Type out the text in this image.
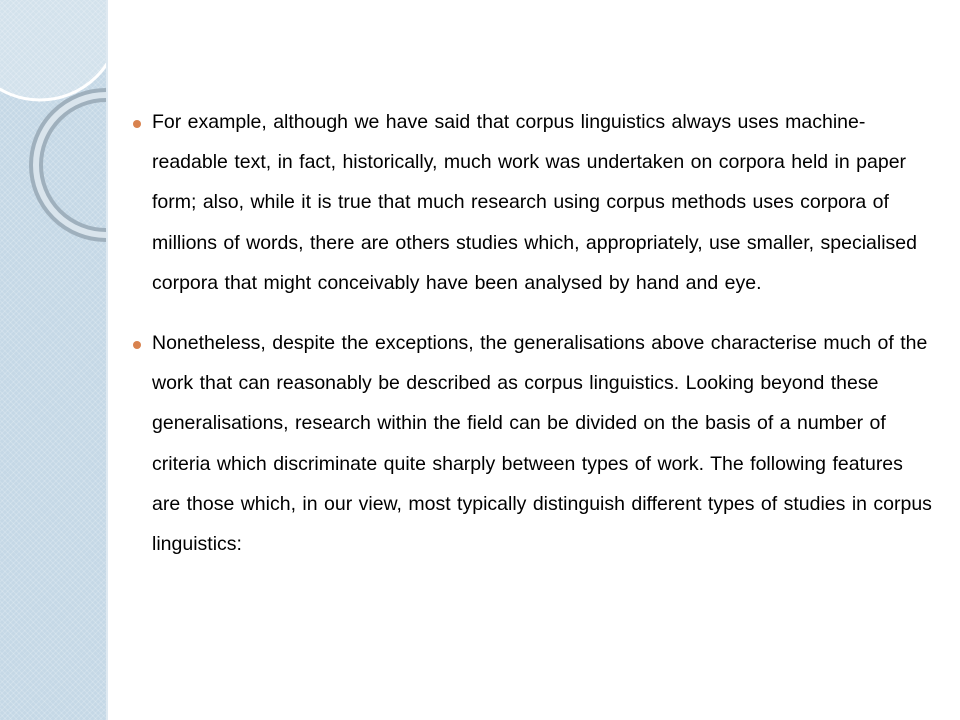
For example, although we have said that corpus linguistics always uses machine-readable text, in fact, historically, much work was undertaken on corpora held in paper form; also, while it is true that much research using corpus methods uses corpora of millions of words, there are others studies which, appropriately, use smaller, specialised corpora that might conceivably have been analysed by hand and eye.

Nonetheless, despite the exceptions, the generalisations above characterise much of the work that can reasonably be described as corpus linguistics. Looking beyond these generalisations, research within the field can be divided on the basis of a number of criteria which discriminate quite sharply between types of work. The following features are those which, in our view, most typically distinguish different types of studies in corpus linguistics:
